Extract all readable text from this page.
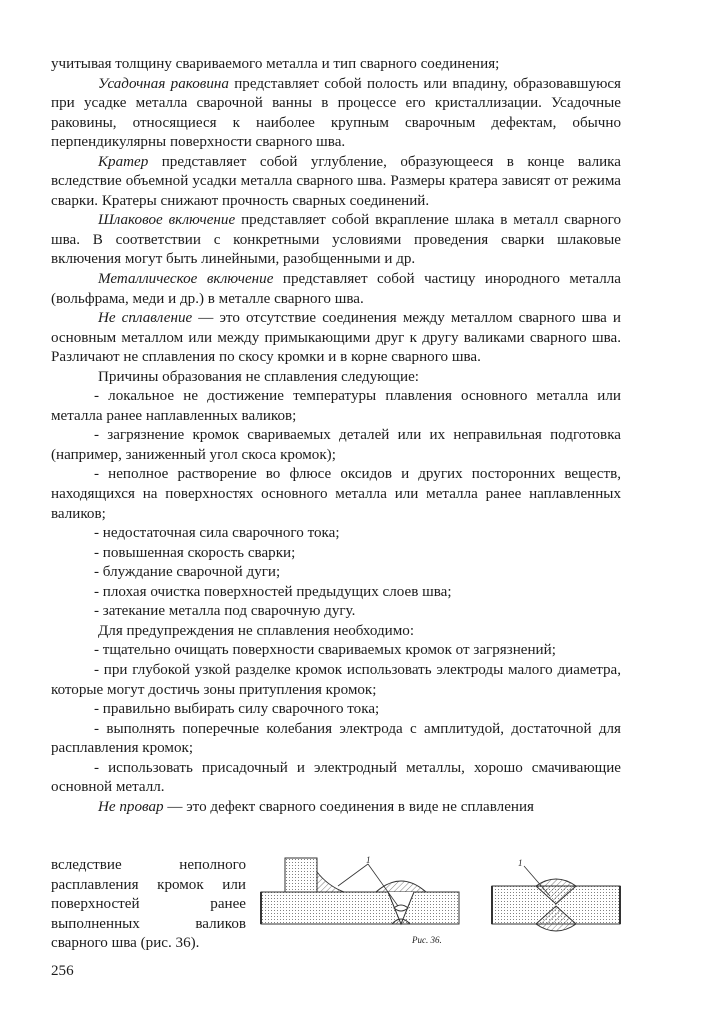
учитывая толщину свариваемого металла и тип сварного соединения;

Усадочная раковина представляет собой полость или впадину, образовавшуюся при усадке металла сварочной ванны в процессе его кристаллизации. Усадочные раковины, относящиеся к наиболее крупным сварочным дефектам, обычно перпендикулярны поверхности сварного шва.

Кратер представляет собой углубление, образующееся в конце валика вследствие объемной усадки металла сварного шва. Размеры кратера зависят от режима сварки. Кратеры снижают прочность сварных соединений.

Шлаковое включение представляет собой вкрапление шлака в металл сварного шва. В соответствии с конкретными условиями проведения сварки шлаковые включения могут быть линейными, разобщенными и др.

Металлическое включение представляет собой частицу инородного металла (вольфрама, меди и др.) в металле сварного шва.

Не сплавление — это отсутствие соединения между металлом сварного шва и основным металлом или между примыкающими друг к другу валиками сварного шва. Различают не сплавления по скосу кромки и в корне сварного шва.

Причины образования не сплавления следующие:

- локальное не достижение температуры плавления основного металла или металла ранее наплавленных валиков;

- загрязнение кромок свариваемых деталей или их неправильная подготовка (например, заниженный угол скоса кромок);

- неполное растворение во флюсе оксидов и других посторонних веществ, находящихся на поверхностях основного металла или металла ранее наплавленных валиков;

- недостаточная сила сварочного тока;

- повышенная скорость сварки;

- блуждание сварочной дуги;

- плохая очистка поверхностей предыдущих слоев шва;

- затекание металла под сварочную дугу.

Для предупреждения не сплавления необходимо:

- тщательно очищать поверхности свариваемых кромок от загрязнений;

- при глубокой узкой разделке кромок использовать электроды малого диаметра, которые могут достичь зоны притупления кромок;

- правильно выбирать силу сварочного тока;

- выполнять поперечные колебания электрода с амплитудой, достаточной для расплавления кромок;

- использовать присадочный и электродный металлы, хорошо смачивающие основной металл.

Не провар — это дефект сварного соединения в виде не сплавления

вследствие неполного
расплавления кромок или
поверхностей ранее
выполненных валиков
сварного шва (рис. 36).
1	1
Рис. 36.
256
